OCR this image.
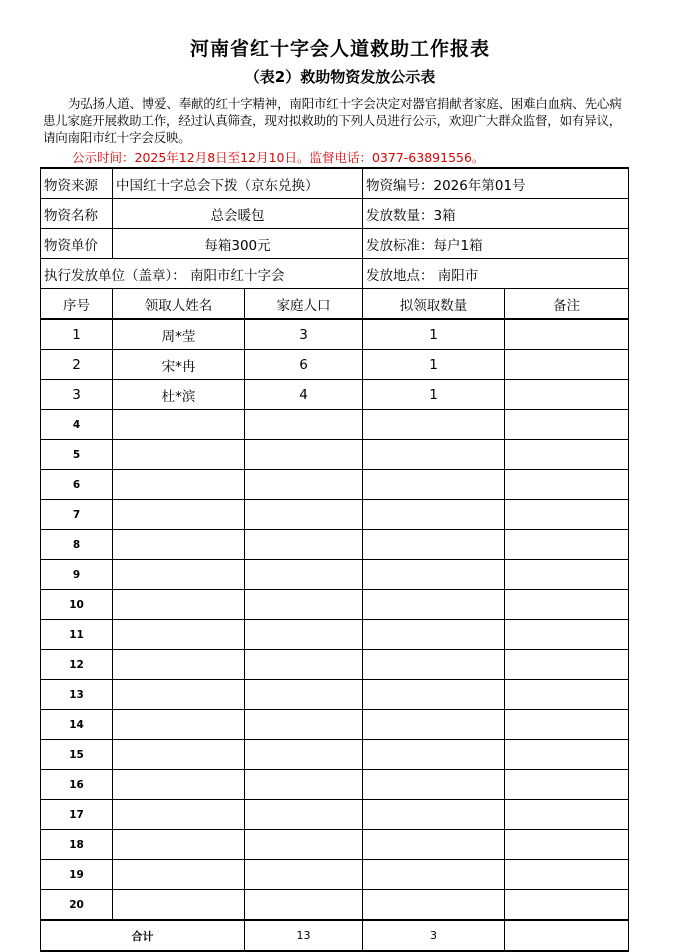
河南省红十字会人道救助工作报表
（表2）救助物资发放公示表
为弘扬人道、博爱、奉献的红十字精神，南阳市红十字会决定对器官捐献者家庭、困难白血病、先心病患儿家庭开展救助工作，经过认真筛查，现对拟救助的下列人员进行公示，欢迎广大群众监督，如有异议，请向南阳市红十字会反映。
公示时间：2025年12月8日至12月10日。监督电话：0377-63891556。
物资来源	中国红十字总会下拨（京东兑换）		物资编号：2026年第01号	
物资名称	总会暖包		发放数量：3箱	
物资单价	每箱300元		发放标准：每户1箱	
执行发放单位（盖章）： 南阳市红十字会			发放地点： 南阳市	
序号	领取人姓名	家庭人口	拟领取数量	备注
1	周*莹	3	1	
2	宋*冉	6	1	
3	杜*滨	4	1	
4				
5				
6				
7				
8				
9				
10				
11				
12				
13				
14				
15				
16				
17				
18				
19				
20				
合计		13	3	
